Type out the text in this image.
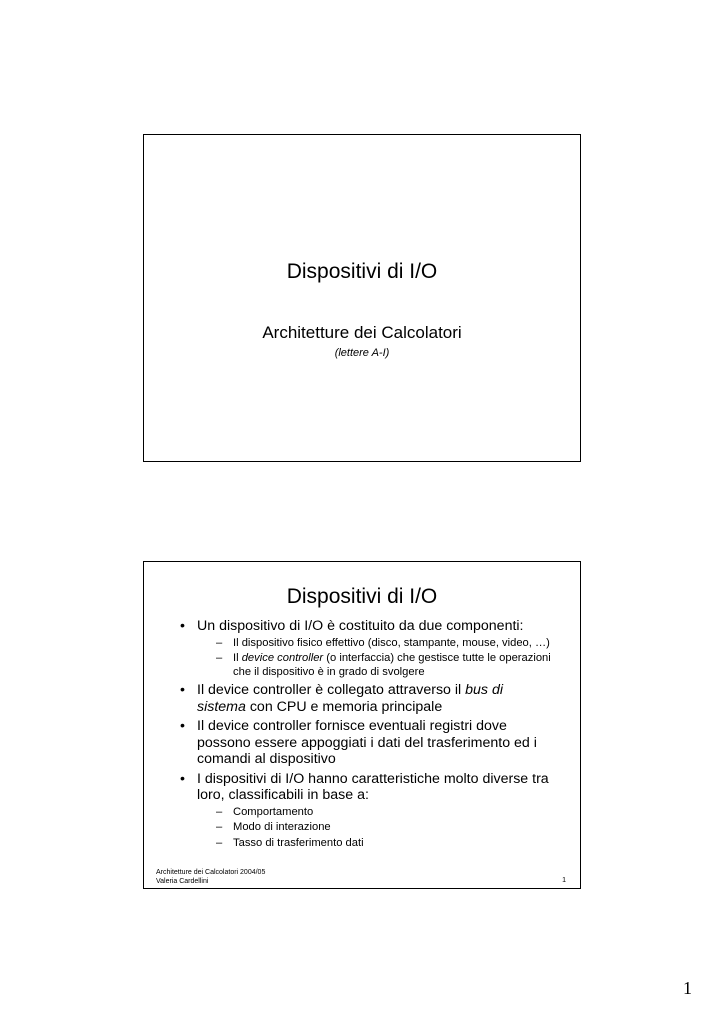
Dispositivi di I/O
Architetture dei Calcolatori
(lettere A-I)
Dispositivi di I/O
• Un dispositivo di I/O è costituito da due componenti:
– Il dispositivo fisico effettivo (disco, stampante, mouse, video, …)
– Il device controller (o interfaccia) che gestisce tutte le operazioni che il dispositivo è in grado di svolgere
• Il device controller è collegato attraverso il bus di sistema con CPU e memoria principale
• Il device controller fornisce eventuali registri dove possono essere appoggiati i dati del trasferimento ed i comandi al dispositivo
• I dispositivi di I/O hanno caratteristiche molto diverse tra loro, classificabili in base a:
– Comportamento
– Modo di interazione
– Tasso di trasferimento dati
Architetture dei Calcolatori 2004/05
Valeria Cardellini	1
1
